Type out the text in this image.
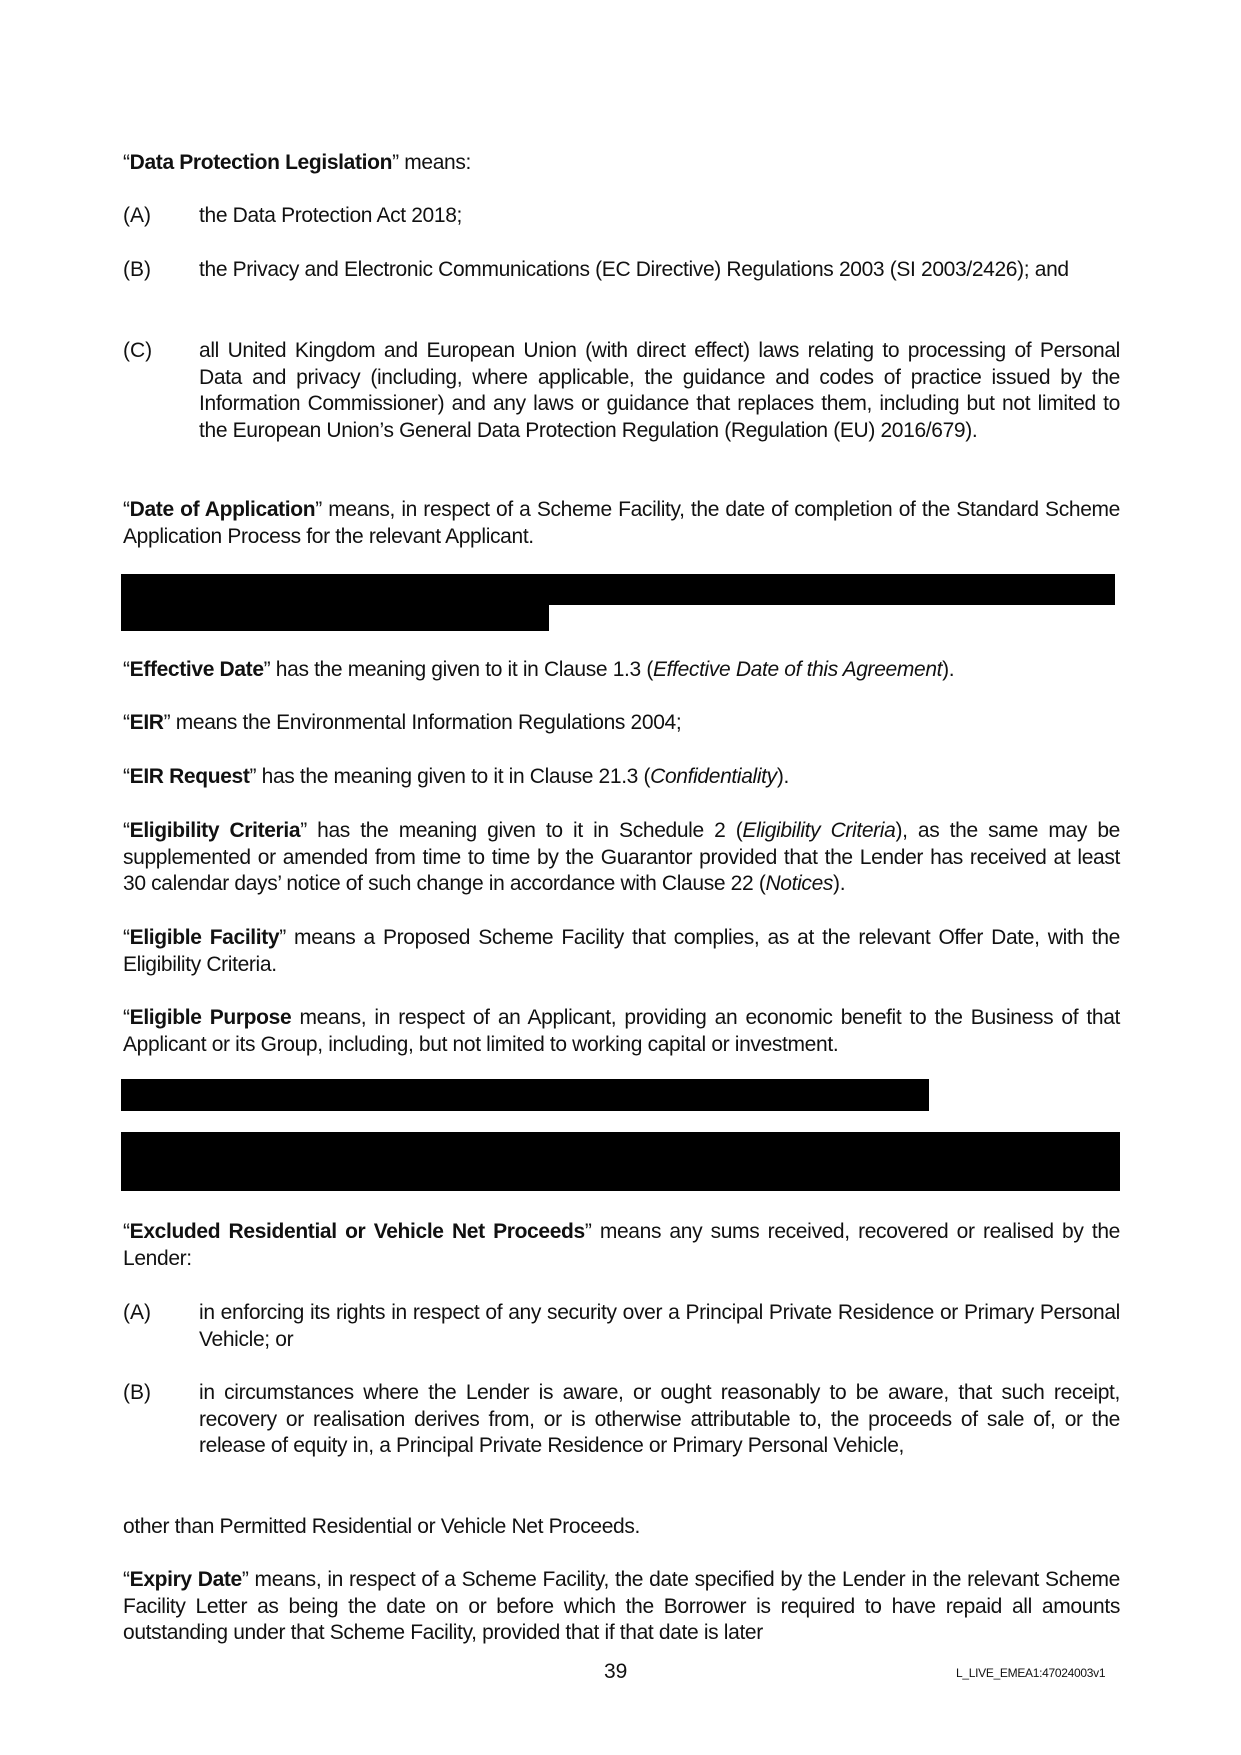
“Data Protection Legislation” means:
(A) the Data Protection Act 2018;
(B) the Privacy and Electronic Communications (EC Directive) Regulations 2003 (SI 2003/2426); and
(C) all United Kingdom and European Union (with direct effect) laws relating to processing of Personal Data and privacy (including, where applicable, the guidance and codes of practice issued by the Information Commissioner) and any laws or guidance that replaces them, including but not limited to the European Union’s General Data Protection Regulation (Regulation (EU) 2016/679).
“Date of Application” means, in respect of a Scheme Facility, the date of completion of the Standard Scheme Application Process for the relevant Applicant.
“Effective Date” has the meaning given to it in Clause 1.3 (Effective Date of this Agreement).
“EIR” means the Environmental Information Regulations 2004;
“EIR Request” has the meaning given to it in Clause 21.3 (Confidentiality).
“Eligibility Criteria” has the meaning given to it in Schedule 2 (Eligibility Criteria), as the same may be supplemented or amended from time to time by the Guarantor provided that the Lender has received at least 30 calendar days’ notice of such change in accordance with Clause 22 (Notices).
“Eligible Facility” means a Proposed Scheme Facility that complies, as at the relevant Offer Date, with the Eligibility Criteria.
“Eligible Purpose means, in respect of an Applicant, providing an economic benefit to the Business of that Applicant or its Group, including, but not limited to working capital or investment.
“Excluded Residential or Vehicle Net Proceeds” means any sums received, recovered or realised by the Lender:
(A) in enforcing its rights in respect of any security over a Principal Private Residence or Primary Personal Vehicle; or
(B) in circumstances where the Lender is aware, or ought reasonably to be aware, that such receipt, recovery or realisation derives from, or is otherwise attributable to, the proceeds of sale of, or the release of equity in, a Principal Private Residence or Primary Personal Vehicle,
other than Permitted Residential or Vehicle Net Proceeds.
“Expiry Date” means, in respect of a Scheme Facility, the date specified by the Lender in the relevant Scheme Facility Letter as being the date on or before which the Borrower is required to have repaid all amounts outstanding under that Scheme Facility, provided that if that date is later
39	L_LIVE_EMEA1:47024003v1
